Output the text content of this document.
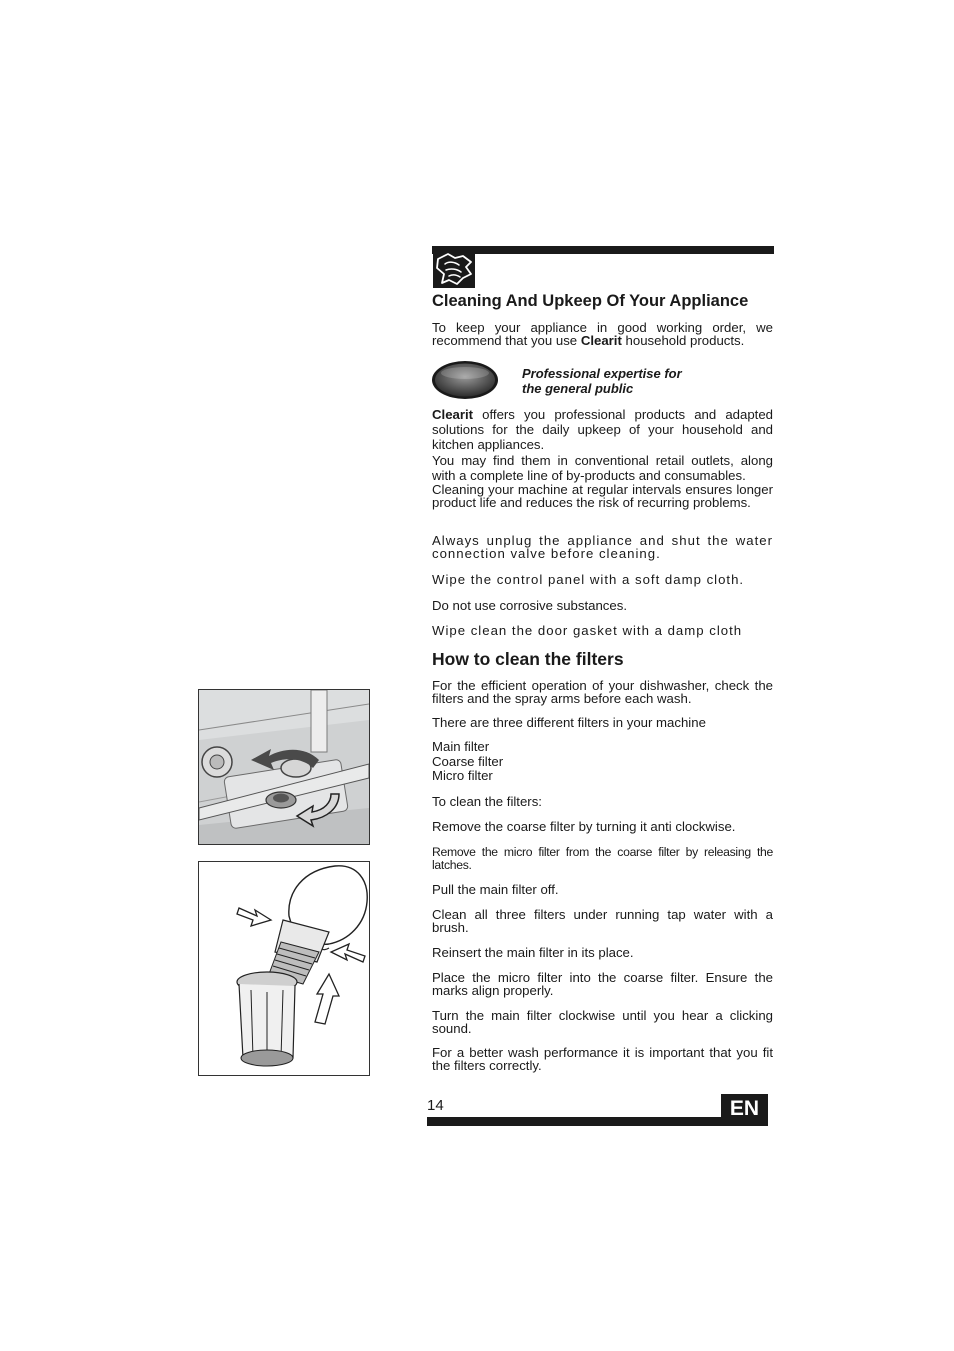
Cleaning And Upkeep Of Your Appliance

To keep your appliance in good working order, we recommend that you use Clearit household products.

Professional expertise for
the general public

Clearit offers you professional products and adapted solutions for the daily upkeep of your household and kitchen appliances.

You may find them in conventional retail outlets, along with a complete line of by-products and consumables.

Cleaning your machine at regular intervals ensures longer product life and reduces the risk of recurring problems.

Always unplug the appliance and shut the water connection valve before cleaning.

Wipe the control panel with a soft damp cloth.

Do not use corrosive substances.

Wipe clean the door gasket with a damp cloth

How to clean the filters

For the efficient operation of your dishwasher, check the filters and the spray arms before each wash.

There are three different filters in your machine

Main filter
Coarse filter
Micro filter

To clean the filters:

Remove the coarse filter by turning it anti clockwise.

Remove the micro filter from the coarse filter by releasing the latches.

Pull the main filter off.

Clean all three filters under running tap water with a brush.

Reinsert the main filter in its place.

Place the micro filter into the coarse filter. Ensure the marks align properly.

Turn the main filter clockwise until you hear a clicking sound.

For a better wash performance it is important that you fit the filters correctly.

14	EN
